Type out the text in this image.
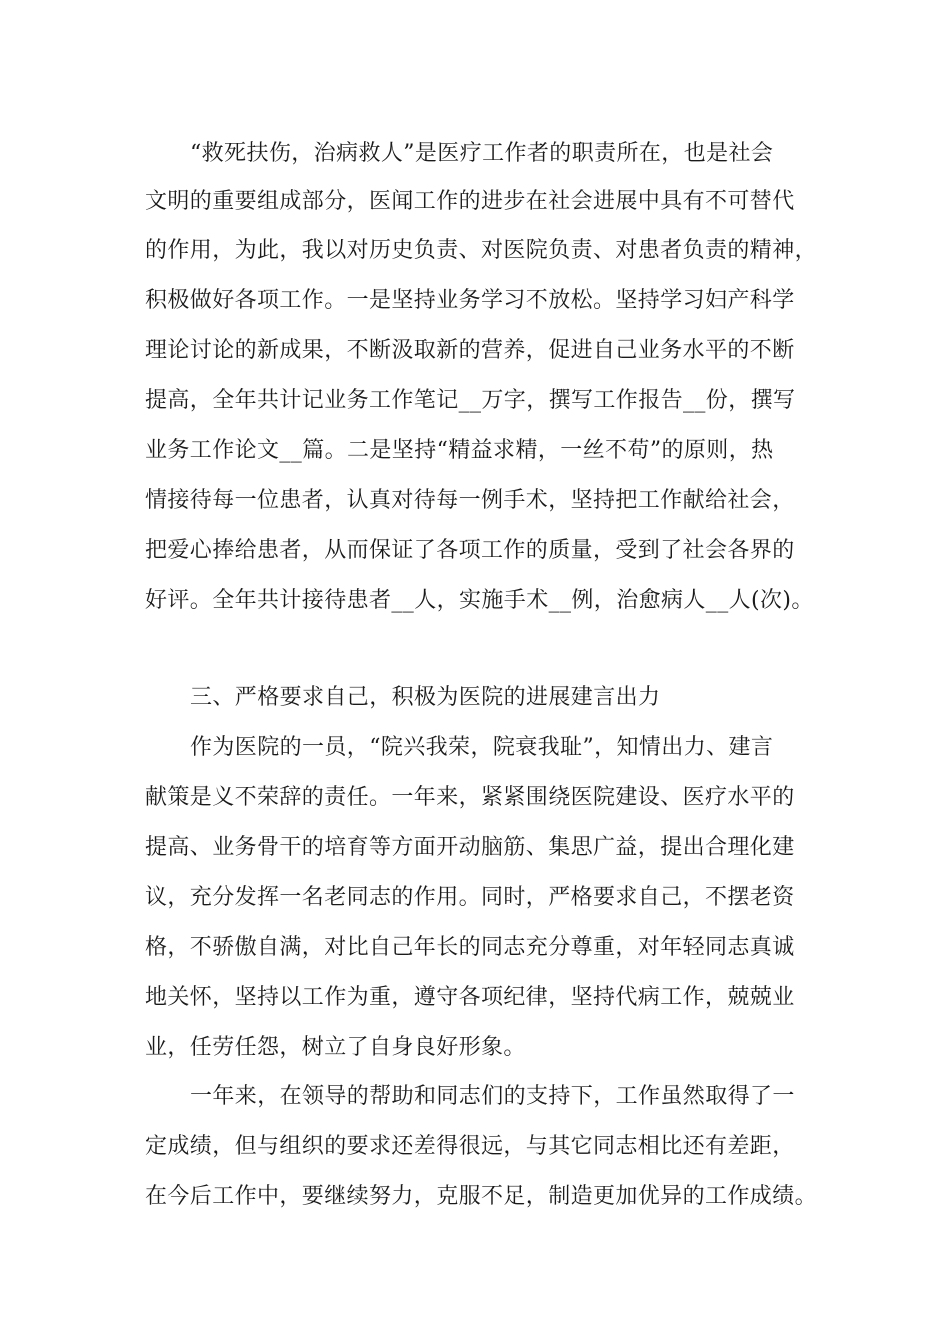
“救死扶伤，治病救人”是医疗工作者的职责所在，也是社会
文明的重要组成部分，医闻工作的进步在社会进展中具有不可替代
的作用，为此，我以对历史负责、对医院负责、对患者负责的精神，
积极做好各项工作。一是坚持业务学习不放松。坚持学习妇产科学
理论讨论的新成果，不断汲取新的营养，促进自己业务水平的不断
提高，全年共计记业务工作笔记__万字，撰写工作报告__份，撰写
业务工作论文__篇。二是坚持“精益求精，一丝不苟”的原则，热
情接待每一位患者，认真对待每一例手术，坚持把工作献给社会，
把爱心捧给患者，从而保证了各项工作的质量，受到了社会各界的
好评。全年共计接待患者__人，实施手术__例，治愈病人__人(次)。
三、严格要求自己，积极为医院的进展建言出力
作为医院的一员，“院兴我荣，院衰我耻”，知情出力、建言
献策是义不荣辞的责任。一年来，紧紧围绕医院建设、医疗水平的
提高、业务骨干的培育等方面开动脑筋、集思广益，提出合理化建
议，充分发挥一名老同志的作用。同时，严格要求自己，不摆老资
格，不骄傲自满，对比自己年长的同志充分尊重，对年轻同志真诚
地关怀，坚持以工作为重，遵守各项纪律，坚持代病工作，兢兢业
业，任劳任怨，树立了自身良好形象。
一年来，在领导的帮助和同志们的支持下，工作虽然取得了一
定成绩，但与组织的要求还差得很远，与其它同志相比还有差距，
在今后工作中，要继续努力，克服不足，制造更加优异的工作成绩。
